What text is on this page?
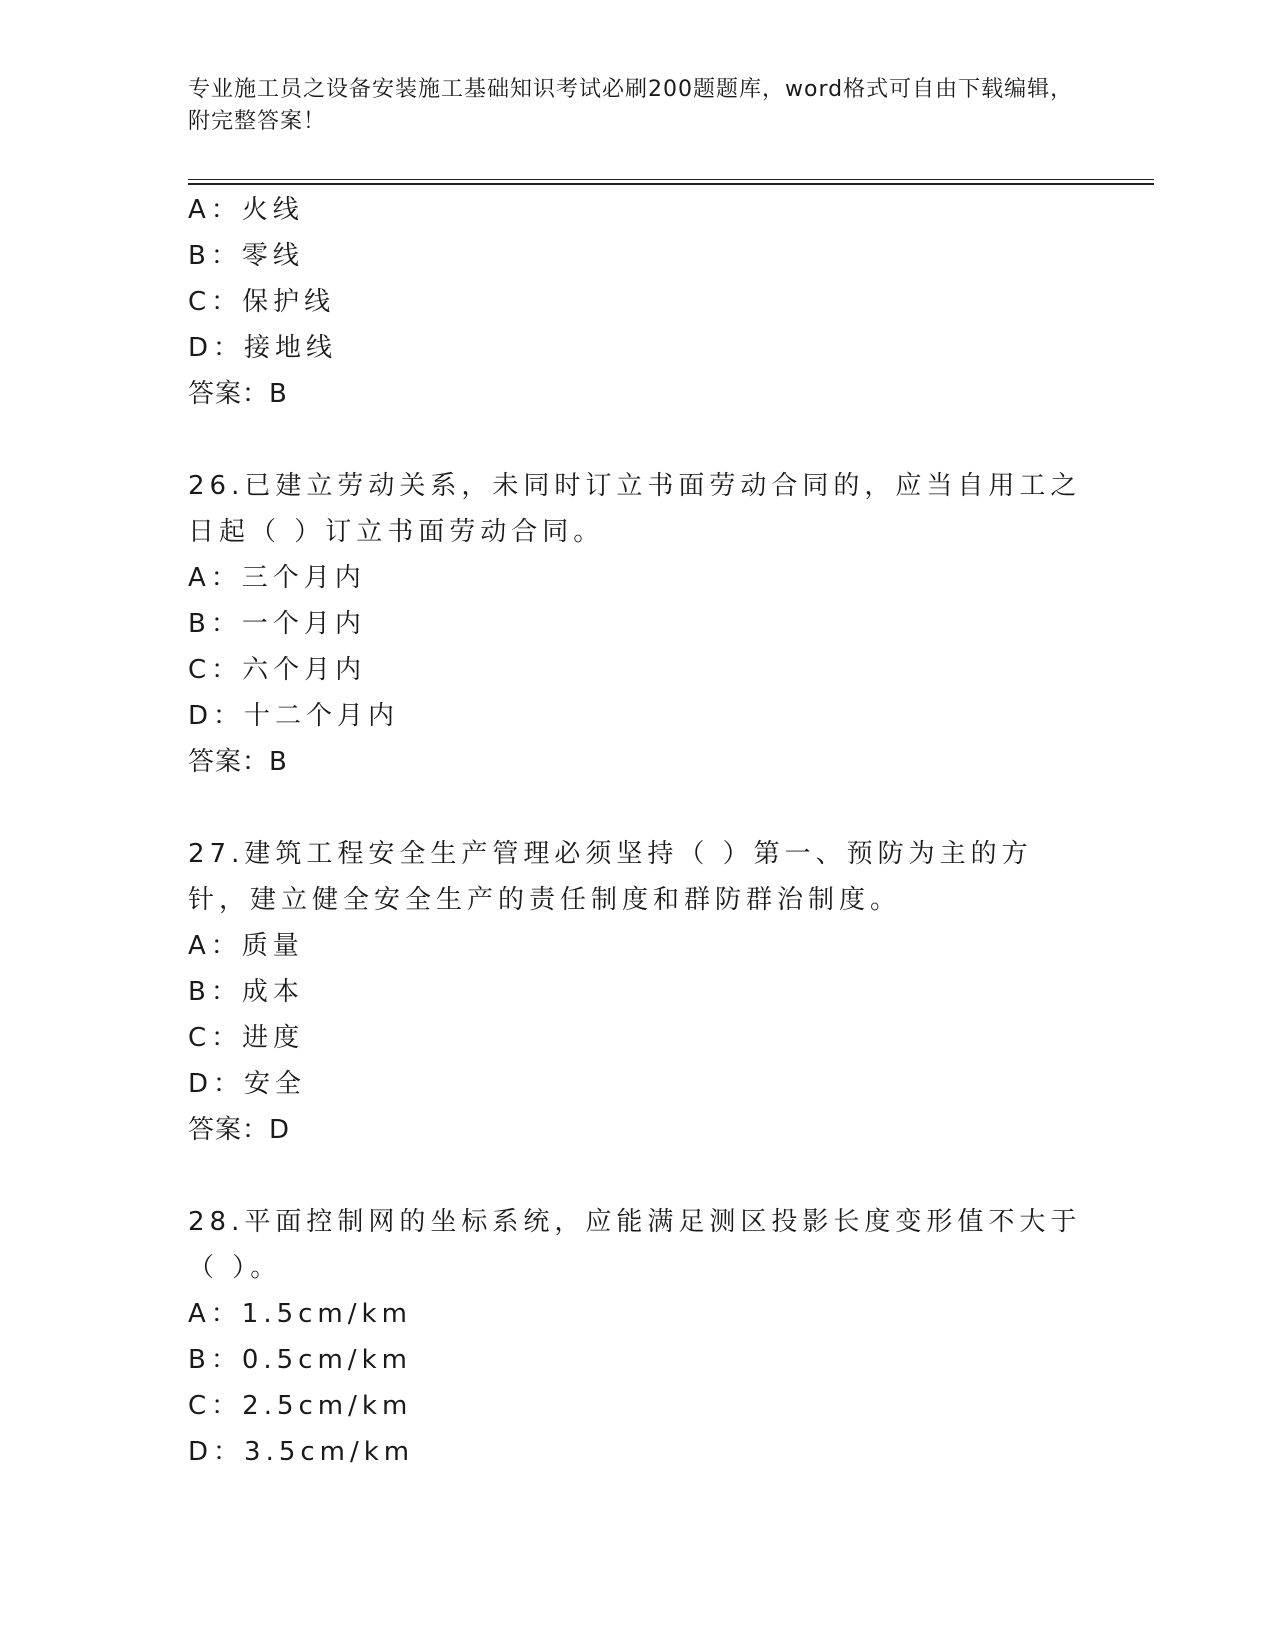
专业施工员之设备安装施工基础知识考试必刷200题题库，word格式可自由下载编辑，附完整答案！
A：火线
B：零线
C：保护线
D：接地线
答案：B
26.已建立劳动关系，未同时订立书面劳动合同的，应当自用工之日起（ ）订立书面劳动合同。
A：三个月内
B：一个月内
C：六个月内
D：十二个月内
答案：B
27.建筑工程安全生产管理必须坚持（ ）第一、预防为主的方针，建立健全安全生产的责任制度和群防群治制度。
A：质量
B：成本
C：进度
D：安全
答案：D
28.平面控制网的坐标系统，应能满足测区投影长度变形值不大于（ ）。
A：1.5cm/km
B：0.5cm/km
C：2.5cm/km
D：3.5cm/km
